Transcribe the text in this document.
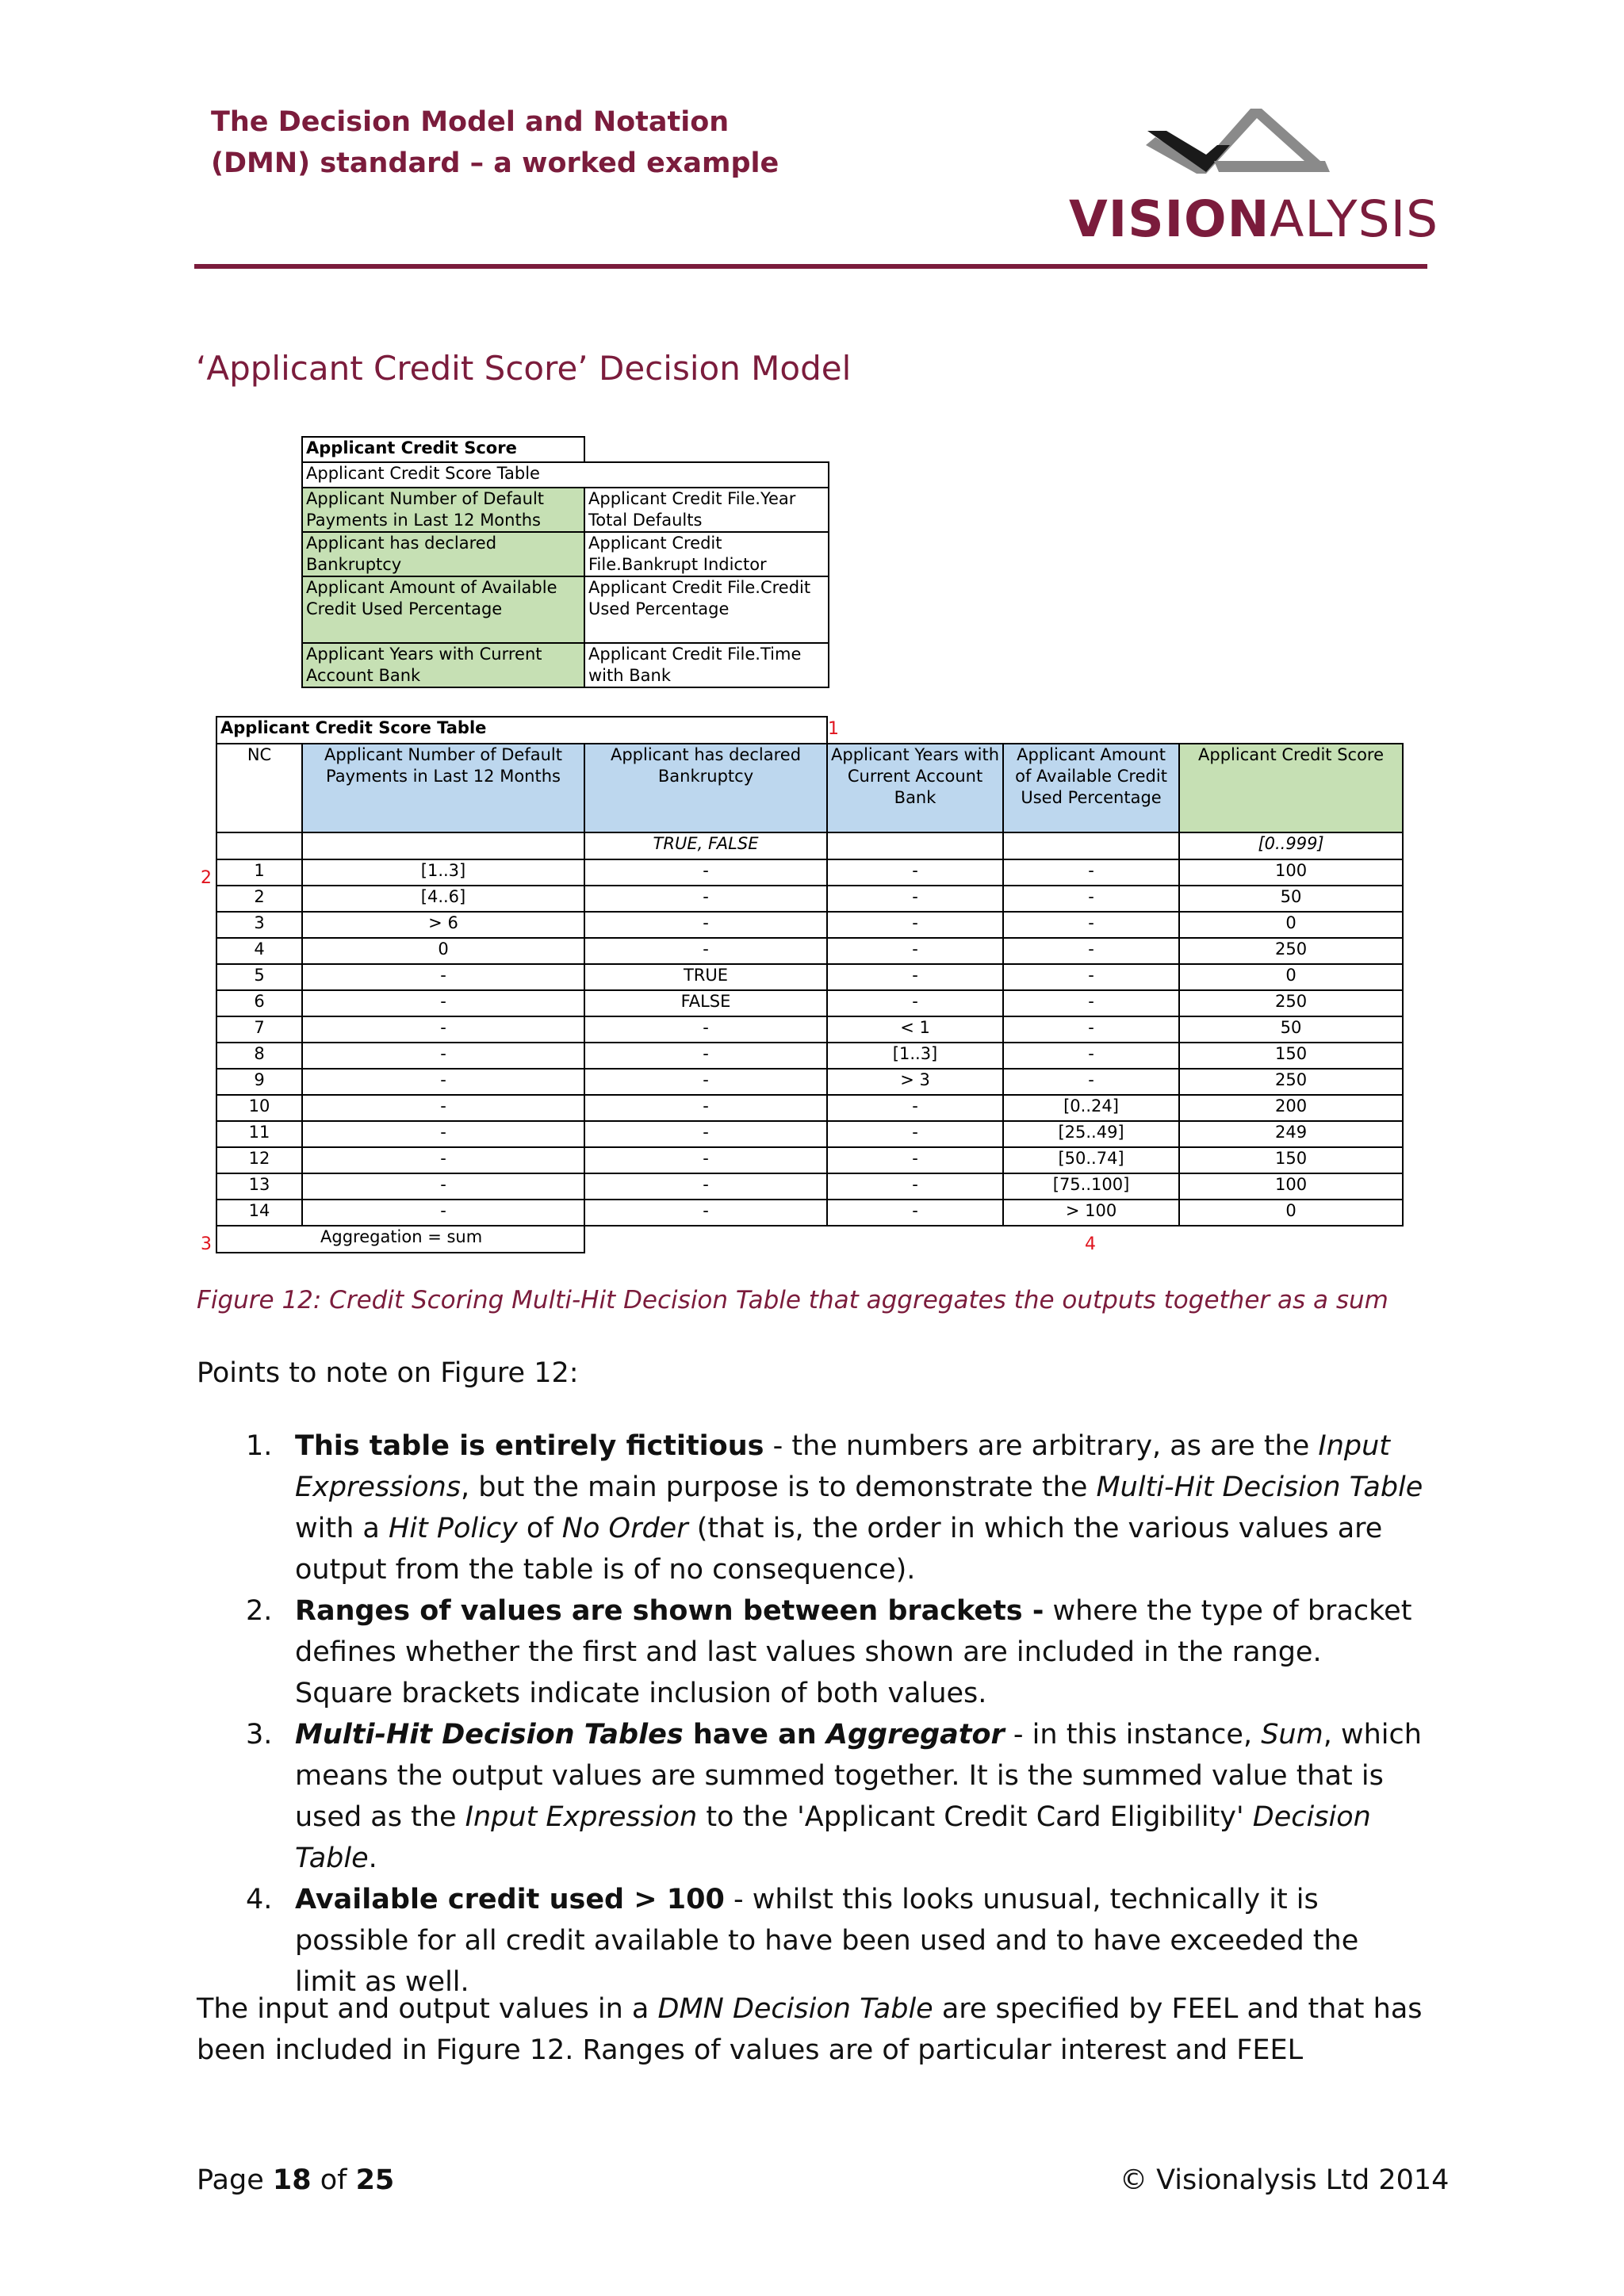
The Decision Model and Notation
(DMN) standard – a worked example
VISIONALYSIS
‘Applicant Credit Score’ Decision Model
Applicant Credit Score	
Applicant Credit Score Table	
Applicant Number of Default Payments in Last 12 Months	Applicant Credit File.Year Total Defaults
Applicant has declared Bankruptcy	Applicant Credit File.Bankrupt Indictor
Applicant Amount of Available Credit Used Percentage	Applicant Credit File.Credit Used Percentage
Applicant Years with Current Account Bank	Applicant Credit File.Time with Bank
1
2
3	4
Applicant Credit Score Table					
NC	Applicant Number of Default Payments in Last 12 Months	Applicant has declared Bankruptcy	Applicant Years with Current Account Bank	Applicant Amount of Available Credit Used Percentage	Applicant Credit Score
		TRUE, FALSE			[0..999]
1	[1..3]	-	-	-	100
2	[4..6]	-	-	-	50
3	> 6	-	-	-	0
4	0	-	-	-	250
5	-	TRUE	-	-	0
6	-	FALSE	-	-	250
7	-	-	< 1	-	50
8	-	-	[1..3]	-	150
9	-	-	> 3	-	250
10	-	-	-	[0..24]	200
11	-	-	-	[25..49]	249
12	-	-	-	[50..74]	150
13	-	-	-	[75..100]	100
14	-	-	-	> 100	0
Aggregation = sum					
Figure 12: Credit Scoring Multi-Hit Decision Table that aggregates the outputs together as a sum
Points to note on Figure 12:
1. This table is entirely fictitious - the numbers are arbitrary, as are the Input Expressions, but the main purpose is to demonstrate the Multi-Hit Decision Table with a Hit Policy of No Order (that is, the order in which the various values are output from the table is of no consequence).
2. Ranges of values are shown between brackets - where the type of bracket defines whether the first and last values shown are included in the range. Square brackets indicate inclusion of both values.
3. Multi-Hit Decision Tables have an Aggregator - in this instance, Sum, which means the output values are summed together. It is the summed value that is used as the Input Expression to the 'Applicant Credit Card Eligibility' Decision Table.
4. Available credit used > 100 - whilst this looks unusual, technically it is possible for all credit available to have been used and to have exceeded the limit as well.
The input and output values in a DMN Decision Table are specified by FEEL and that has been included in Figure 12. Ranges of values are of particular interest and FEEL
Page 18 of 25	© Visionalysis Ltd 2014
